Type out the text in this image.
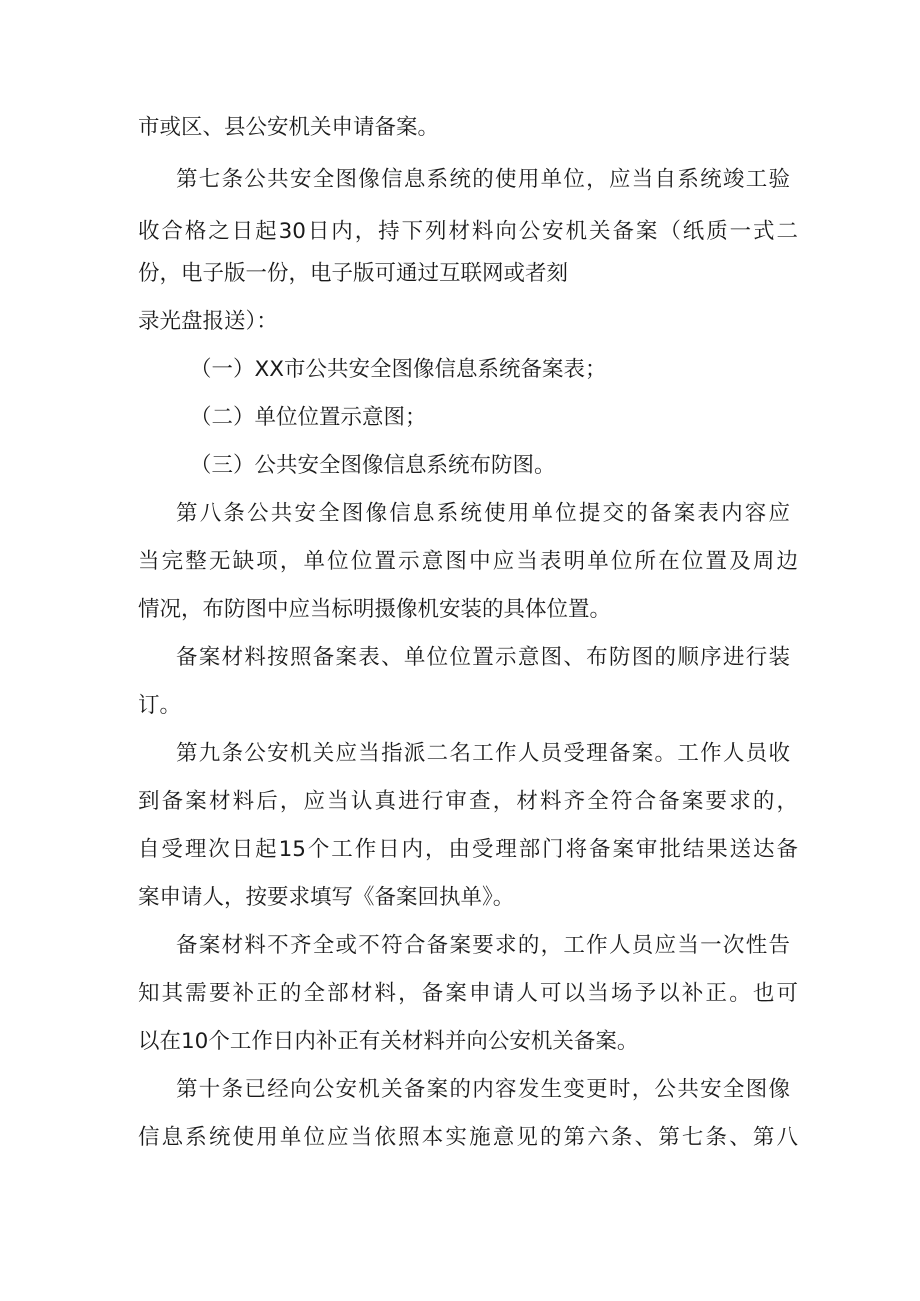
市或区、县公安机关申请备案。
第七条公共安全图像信息系统的使用单位，应当自系统竣工验
收合格之日起30日内，持下列材料向公安机关备案（纸质一式二
份，电子版一份，电子版可通过互联网或者刻
录光盘报送）：
（一）XX市公共安全图像信息系统备案表；
（二）单位位置示意图；
（三）公共安全图像信息系统布防图。
第八条公共安全图像信息系统使用单位提交的备案表内容应
当完整无缺项，单位位置示意图中应当表明单位所在位置及周边
情况，布防图中应当标明摄像机安装的具体位置。
备案材料按照备案表、单位位置示意图、布防图的顺序进行装
订。
第九条公安机关应当指派二名工作人员受理备案。工作人员收
到备案材料后，应当认真进行审查，材料齐全符合备案要求的，
自受理次日起15个工作日内，由受理部门将备案审批结果送达备
案申请人，按要求填写《备案回执单》。
备案材料不齐全或不符合备案要求的，工作人员应当一次性告
知其需要补正的全部材料，备案申请人可以当场予以补正。也可
以在10个工作日内补正有关材料并向公安机关备案。
第十条已经向公安机关备案的内容发生变更时，公共安全图像
信息系统使用单位应当依照本实施意见的第六条、第七条、第八
